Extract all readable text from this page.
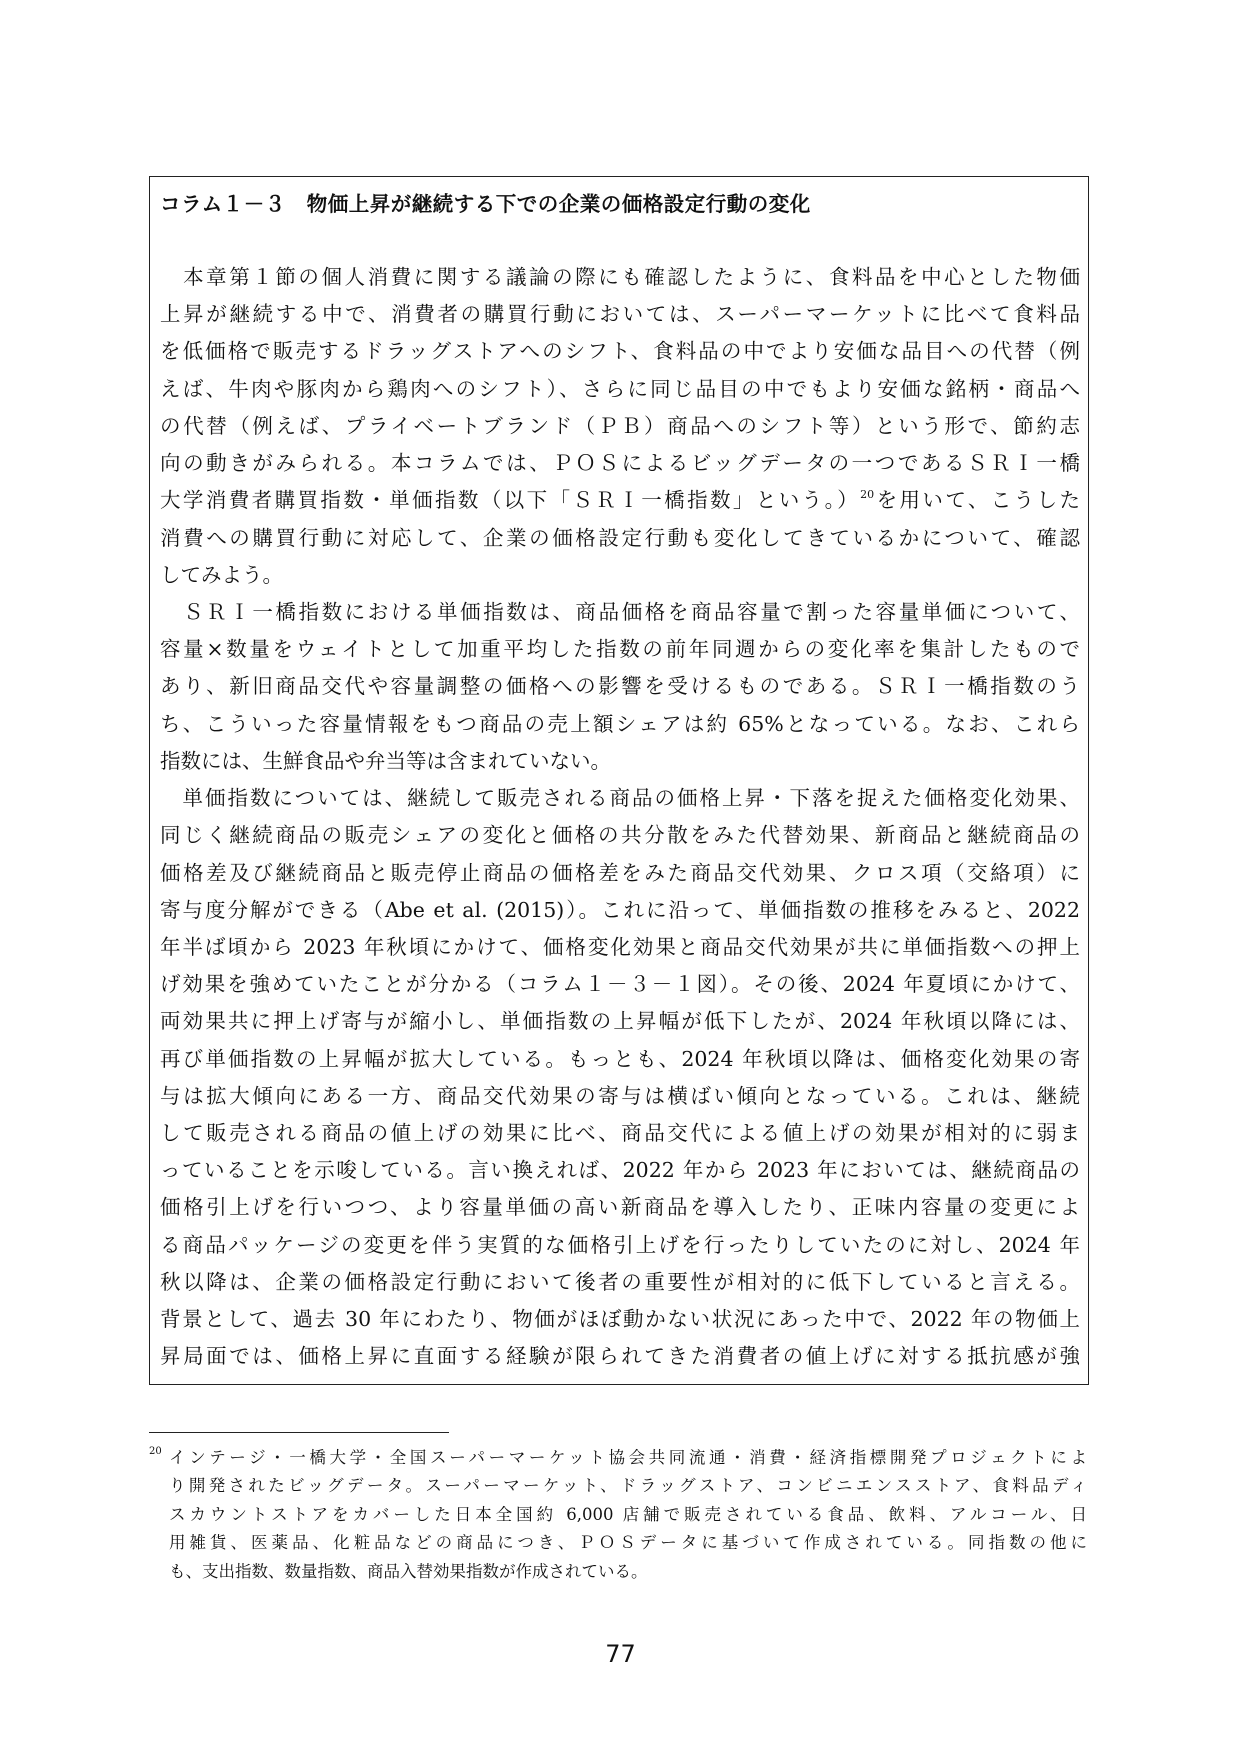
コラム１－３　物価上昇が継続する下での企業の価格設定行動の変化
　本章第１節の個人消費に関する議論の際にも確認したように、食料品を中心とした物価
上昇が継続する中で、消費者の購買行動においては、スーパーマーケットに比べて食料品
を低価格で販売するドラッグストアへのシフト、食料品の中でより安価な品目への代替（例
えば、牛肉や豚肉から鶏肉へのシフト）、さらに同じ品目の中でもより安価な銘柄・商品へ
の代替（例えば、プライベートブランド（ＰＢ）商品へのシフト等）という形で、節約志
向の動きがみられる。本コラムでは、ＰＯＳによるビッグデータの一つであるＳＲＩ一橋
大学消費者購買指数・単価指数（以下「ＳＲＩ一橋指数」という。）$^{20}$を用いて、こうした
消費への購買行動に対応して、企業の価格設定行動も変化してきているかについて、確認
してみよう。
　ＳＲＩ一橋指数における単価指数は、商品価格を商品容量で割った容量単価について、
容量×数量をウェイトとして加重平均した指数の前年同週からの変化率を集計したもので
あり、新旧商品交代や容量調整の価格への影響を受けるものである。ＳＲＩ一橋指数のう
ち、こういった容量情報をもつ商品の売上額シェアは約 65%となっている。なお、これら
指数には、生鮮食品や弁当等は含まれていない。
　単価指数については、継続して販売される商品の価格上昇・下落を捉えた価格変化効果、
同じく継続商品の販売シェアの変化と価格の共分散をみた代替効果、新商品と継続商品の
価格差及び継続商品と販売停止商品の価格差をみた商品交代効果、クロス項（交絡項）に
寄与度分解ができる（Abe et al. (2015)）。これに沿って、単価指数の推移をみると、2022
年半ば頃から 2023 年秋頃にかけて、価格変化効果と商品交代効果が共に単価指数への押上
げ効果を強めていたことが分かる（コラム１－３－１図）。その後、2024 年夏頃にかけて、
両効果共に押上げ寄与が縮小し、単価指数の上昇幅が低下したが、2024 年秋頃以降には、
再び単価指数の上昇幅が拡大している。もっとも、2024 年秋頃以降は、価格変化効果の寄
与は拡大傾向にある一方、商品交代効果の寄与は横ばい傾向となっている。これは、継続
して販売される商品の値上げの効果に比べ、商品交代による値上げの効果が相対的に弱ま
っていることを示唆している。言い換えれば、2022 年から 2023 年においては、継続商品の
価格引上げを行いつつ、より容量単価の高い新商品を導入したり、正味内容量の変更によ
る商品パッケージの変更を伴う実質的な価格引上げを行ったりしていたのに対し、2024 年
秋以降は、企業の価格設定行動において後者の重要性が相対的に低下していると言える。
背景として、過去 30 年にわたり、物価がほぼ動かない状況にあった中で、2022 年の物価上
昇局面では、価格上昇に直面する経験が限られてきた消費者の値上げに対する抵抗感が強
20 インテージ・一橋大学・全国スーパーマーケット協会共同流通・消費・経済指標開発プロジェクトによ
り開発されたビッグデータ。スーパーマーケット、ドラッグストア、コンビニエンスストア、食料品ディ
スカウントストアをカバーした日本全国約 6,000 店舗で販売されている食品、飲料、アルコール、日
用雑貨、医薬品、化粧品などの商品につき、ＰＯＳデータに基づいて作成されている。同指数の他に
も、支出指数、数量指数、商品入替効果指数が作成されている。
77
